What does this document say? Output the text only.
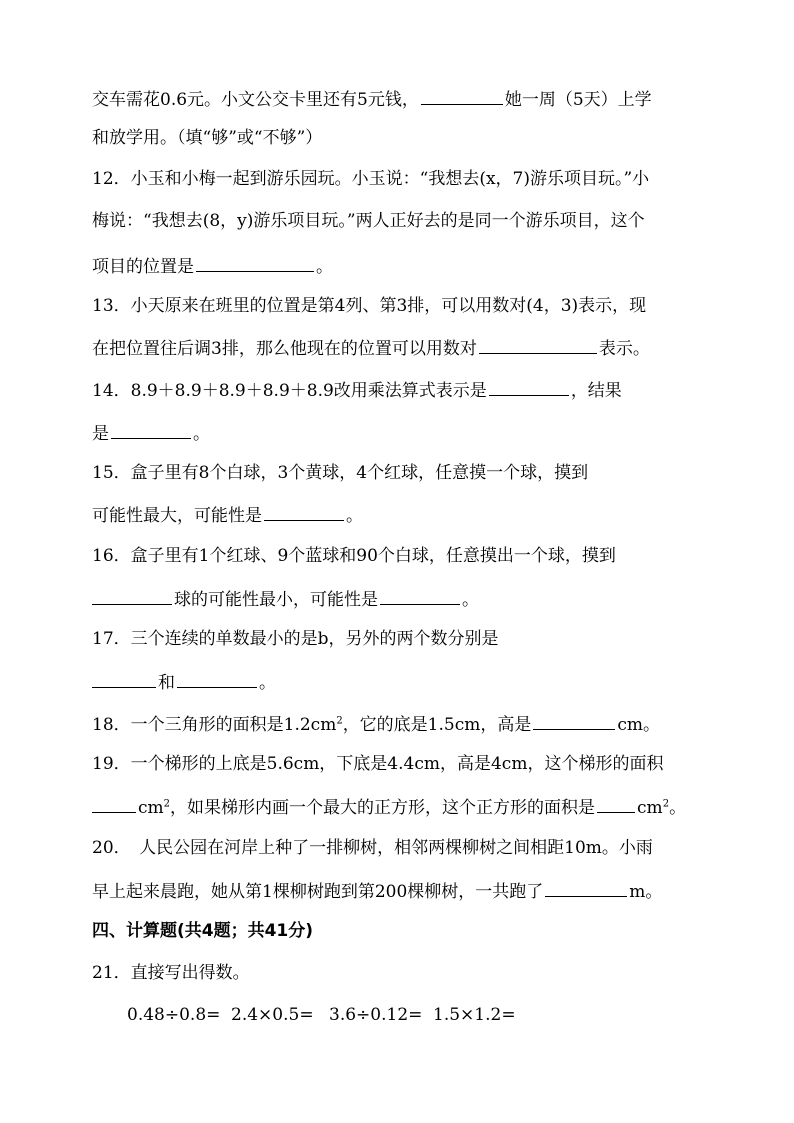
交车需花0.6元。小文公交卡里还有5元钱，	她一周（5天）上学
和放学用。（填“够”或“不够”）
12．小玉和小梅一起到游乐园玩。小玉说：“我想去(x，7)游乐项目玩。”小
梅说：“我想去(8，y)游乐项目玩。”两人正好去的是同一个游乐项目，这个
项目的位置是	。
13．小天原来在班里的位置是第4列、第3排，可以用数对(4，3)表示，现
在把位置往后调3排，那么他现在的位置可以用数对	表示。
14．8.9＋8.9＋8.9＋8.9＋8.9改用乘法算式表示是	，结果
是	。
15．盒子里有8个白球，3个黄球，4个红球，任意摸一个球，摸到
可能性最大，可能性是	。
16．盒子里有1个红球、9个蓝球和90个白球，任意摸出一个球，摸到
球的可能性最小，可能性是	。
17．三个连续的单数最小的是b，另外的两个数分别是
和	。
18．一个三角形的面积是$1.2cm^2$，它的底是1.5cm，高是	cm。
19．一个梯形的上底是5.6cm，下底是4.4cm，高是4cm，这个梯形的面积
$cm^2$，如果梯形内画一个最大的正方形，这个正方形的面积是 $cm^2$。
20．　人民公园在河岸上种了一排柳树，相邻两棵柳树之间相距10m。小雨
早上起来晨跑，她从第1棵柳树跑到第200棵柳树，一共跑了	m。
四、计算题(共4题；共41分)
21．直接写出得数。
0.48÷0.8= 2.4×0.5= 3.6÷0.12= 1.5×1.2=
